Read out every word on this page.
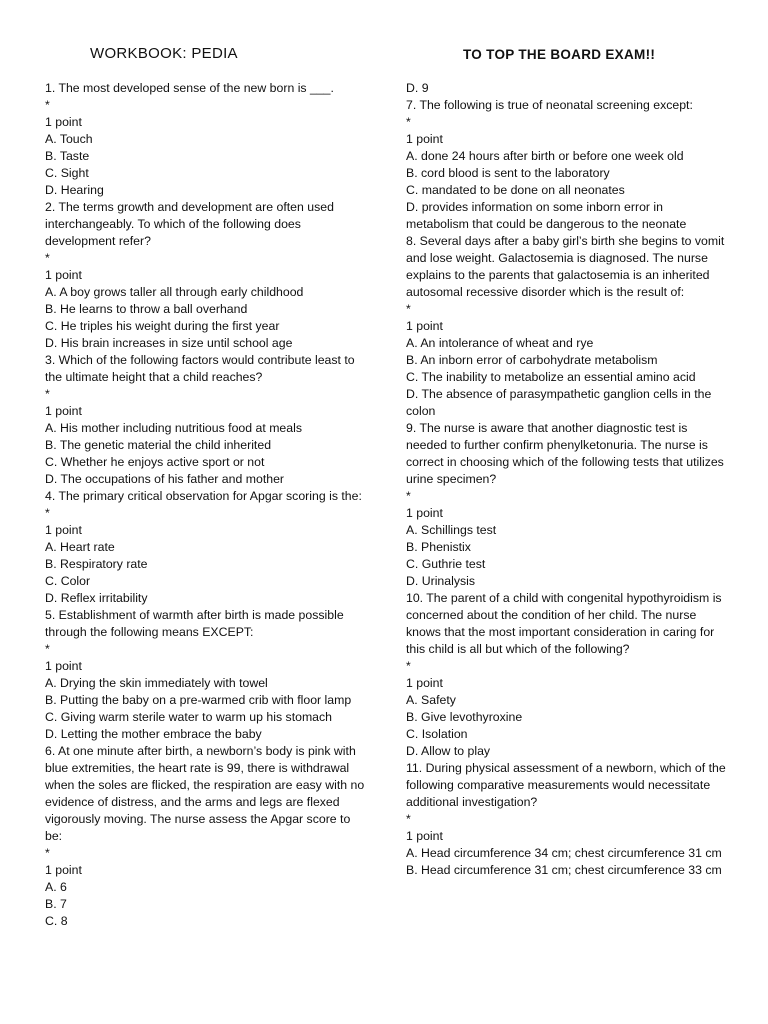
WORKBOOK: PEDIA	TO TOP THE BOARD EXAM!!
1. The most developed sense of the new born is ___.
*
1 point
A. Touch
B. Taste
C. Sight
D. Hearing
2. The terms growth and development are often used interchangeably. To which of the following does development refer?
*
1 point
A. A boy grows taller all through early childhood
B. He learns to throw a ball overhand
C. He triples his weight during the first year
D. His brain increases in size until school age
3. Which of the following factors would contribute least to the ultimate height that a child reaches?
*
1 point
A. His mother including nutritious food at meals
B. The genetic material the child inherited
C. Whether he enjoys active sport or not
D. The occupations of his father and mother
4. The primary critical observation for Apgar scoring is the:
*
1 point
A. Heart rate
B. Respiratory rate
C. Color
D. Reflex irritability
5. Establishment of warmth after birth is made possible through the following means EXCEPT:
*
1 point
A. Drying the skin immediately with towel
B. Putting the baby on a pre-warmed crib with floor lamp
C. Giving warm sterile water to warm up his stomach
D. Letting the mother embrace the baby
6. At one minute after birth, a newborn’s body is pink with blue extremities, the heart rate is 99, there is withdrawal when the soles are flicked, the respiration are easy with no evidence of distress, and the arms and legs are flexed vigorously moving. The nurse assess the Apgar score to be:
*
1 point
A. 6
B. 7
C. 8
D. 9
7. The following is true of neonatal screening except:
*
1 point
A. done 24 hours after birth or before one week old
B. cord blood is sent to the laboratory
C. mandated to be done on all neonates
D. provides information on some inborn error in metabolism that could be dangerous to the neonate
8. Several days after a baby girl’s birth she begins to vomit and lose weight. Galactosemia is diagnosed. The nurse explains to the parents that galactosemia is an inherited autosomal recessive disorder which is the result of:
*
1 point
A. An intolerance of wheat and rye
B. An inborn error of carbohydrate metabolism
C. The inability to metabolize an essential amino acid
D. The absence of parasympathetic ganglion cells in the colon
9. The nurse is aware that another diagnostic test is needed to further confirm phenylketonuria. The nurse is correct in choosing which of the following tests that utilizes urine specimen?
*
1 point
A. Schillings test
B. Phenistix
C. Guthrie test
D. Urinalysis
10. The parent of a child with congenital hypothyroidism is concerned about the condition of her child. The nurse knows that the most important consideration in caring for this child is all but which of the following?
*
1 point
A. Safety
B. Give levothyroxine
C. Isolation
D. Allow to play
11. During physical assessment of a newborn, which of the following comparative measurements would necessitate additional investigation?
*
1 point
A. Head circumference 34 cm; chest circumference 31 cm
B. Head circumference 31 cm; chest circumference 33 cm
